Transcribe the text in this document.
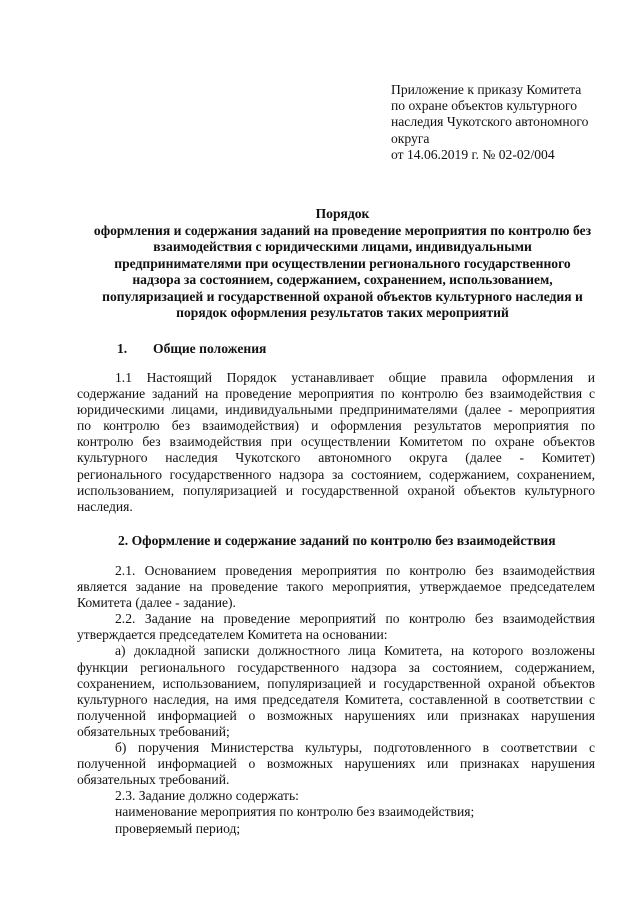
Приложение к приказу Комитета
по охране объектов культурного
наследия Чукотского автономного
округа
от 14.06.2019 г. № 02-02/004
Порядок
оформления и содержания заданий на проведение мероприятия по контролю без
взаимодействия с юридическими лицами, индивидуальными
предпринимателями при осуществлении регионального государственного
надзора за состоянием, содержанием, сохранением, использованием,
популяризацией и государственной охраной объектов культурного наследия и
порядок оформления результатов таких мероприятий
1. Общие положения
1.1 Настоящий Порядок устанавливает общие правила оформления и
содержание заданий на проведение мероприятия по контролю без взаимодействия с
юридическими лицами, индивидуальными предпринимателями (далее - мероприятия
по контролю без взаимодействия) и оформления результатов мероприятия по
контролю без взаимодействия при осуществлении Комитетом по охране объектов
культурного наследия Чукотского автономного округа (далее - Комитет)
регионального государственного надзора за состоянием, содержанием, сохранением,
использованием, популяризацией и государственной охраной объектов культурного
наследия.
2. Оформление и содержание заданий по контролю без взаимодействия
2.1. Основанием проведения мероприятия по контролю без взаимодействия
является задание на проведение такого мероприятия, утверждаемое председателем
Комитета (далее - задание).
2.2. Задание на проведение мероприятий по контролю без взаимодействия
утверждается председателем Комитета на основании:
а) докладной записки должностного лица Комитета, на которого возложены
функции регионального государственного надзора за состоянием, содержанием,
сохранением, использованием, популяризацией и государственной охраной объектов
культурного наследия, на имя председателя Комитета, составленной в соответствии с
полученной информацией о возможных нарушениях или признаках нарушения
обязательных требований;
б) поручения Министерства культуры, подготовленного в соответствии с
полученной информацией о возможных нарушениях или признаках нарушения
обязательных требований.
2.3. Задание должно содержать:
наименование мероприятия по контролю без взаимодействия;
проверяемый период;
